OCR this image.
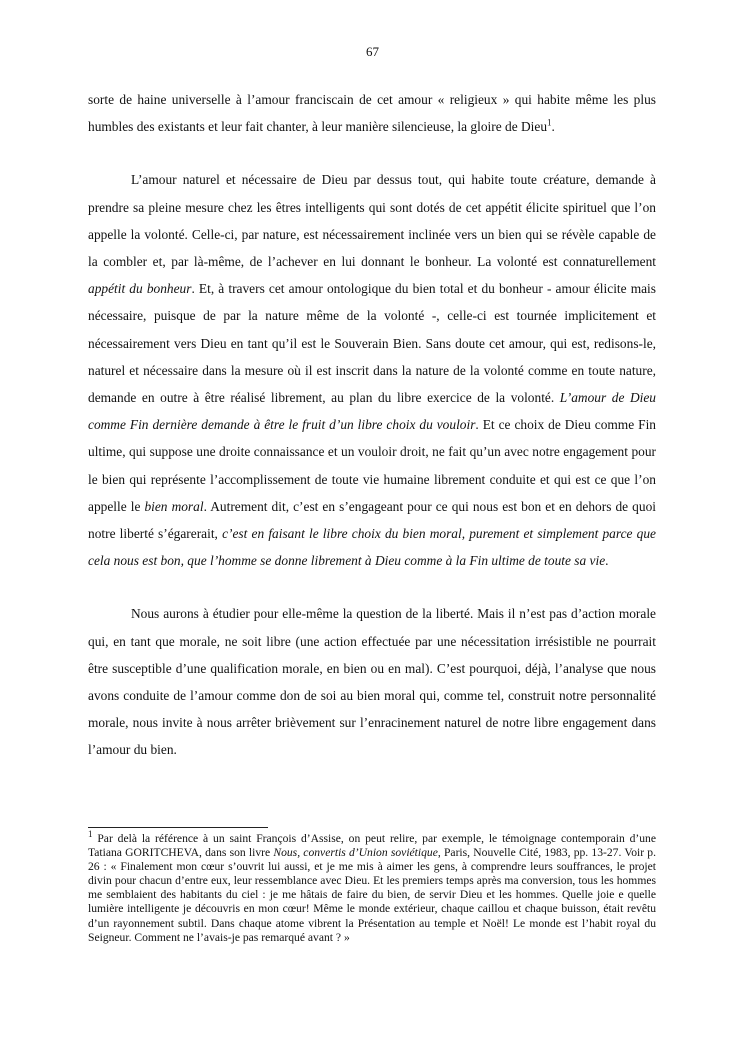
67

sorte de haine universelle à l’amour franciscain de cet amour « religieux » qui habite même les plus humbles des existants et leur fait chanter, à leur manière silencieuse, la gloire de Dieu$^1$.

L’amour naturel et nécessaire de Dieu par dessus tout, qui habite toute créature, demande à prendre sa pleine mesure chez les êtres intelligents qui sont dotés de cet appétit élicite spirituel que l’on appelle la volonté. Celle-ci, par nature, est nécessairement inclinée vers un bien qui se révèle capable de la combler et, par là-même, de l’achever en lui donnant le bonheur. La volonté est connaturellement appétit du bonheur. Et, à travers cet amour ontologique du bien total et du bonheur - amour élicite mais nécessaire, puisque de par la nature même de la volonté -, celle-ci est tournée implicitement et nécessairement vers Dieu en tant qu’il est le Souverain Bien. Sans doute cet amour, qui est, redisons-le, naturel et nécessaire dans la mesure où il est inscrit dans la nature de la volonté comme en toute nature, demande en outre à être réalisé librement, au plan du libre exercice de la volonté. L’amour de Dieu comme Fin dernière demande à être le fruit d’un libre choix du vouloir. Et ce choix de Dieu comme Fin ultime, qui suppose une droite connaissance et un vouloir droit, ne fait qu’un avec notre engagement pour le bien qui représente l’accomplissement de toute vie humaine librement conduite et qui est ce que l’on appelle le bien moral. Autrement dit, c’est en s’engageant pour ce qui nous est bon et en dehors de quoi notre liberté s’égarerait, c’est en faisant le libre choix du bien moral, purement et simplement parce que cela nous est bon, que l’homme se donne librement à Dieu comme à la Fin ultime de toute sa vie.

Nous aurons à étudier pour elle-même la question de la liberté. Mais il n’est pas d’action morale qui, en tant que morale, ne soit libre (une action effectuée par une nécessitation irrésistible ne pourrait être susceptible d’une qualification morale, en bien ou en mal). C’est pourquoi, déjà, l’analyse que nous avons conduite de l’amour comme don de soi au bien moral qui, comme tel, construit notre personnalité morale, nous invite à nous arrêter brièvement sur l’enracinement naturel de notre libre engagement dans l’amour du bien.

$^1$ Par delà la référence à un saint François d’Assise, on peut relire, par exemple, le témoignage contemporain d’une Tatiana GORITCHEVA, dans son livre Nous, convertis d’Union soviétique, Paris, Nouvelle Cité, 1983, pp. 13-27. Voir p. 26 : « Finalement mon cœur s’ouvrit lui aussi, et je me mis à aimer les gens, à comprendre leurs souffrances, le projet divin pour chacun d’entre eux, leur ressemblance avec Dieu. Et les premiers temps après ma conversion, tous les hommes me semblaient des habitants du ciel : je me hâtais de faire du bien, de servir Dieu et les hommes. Quelle joie e quelle lumière intelligente je découvris en mon cœur! Même le monde extérieur, chaque caillou et chaque buisson, était revêtu d’un rayonnement subtil. Dans chaque atome vibrent la Présentation au temple et Noël! Le monde est l’habit royal du Seigneur. Comment ne l’avais-je pas remarqué avant ? »
